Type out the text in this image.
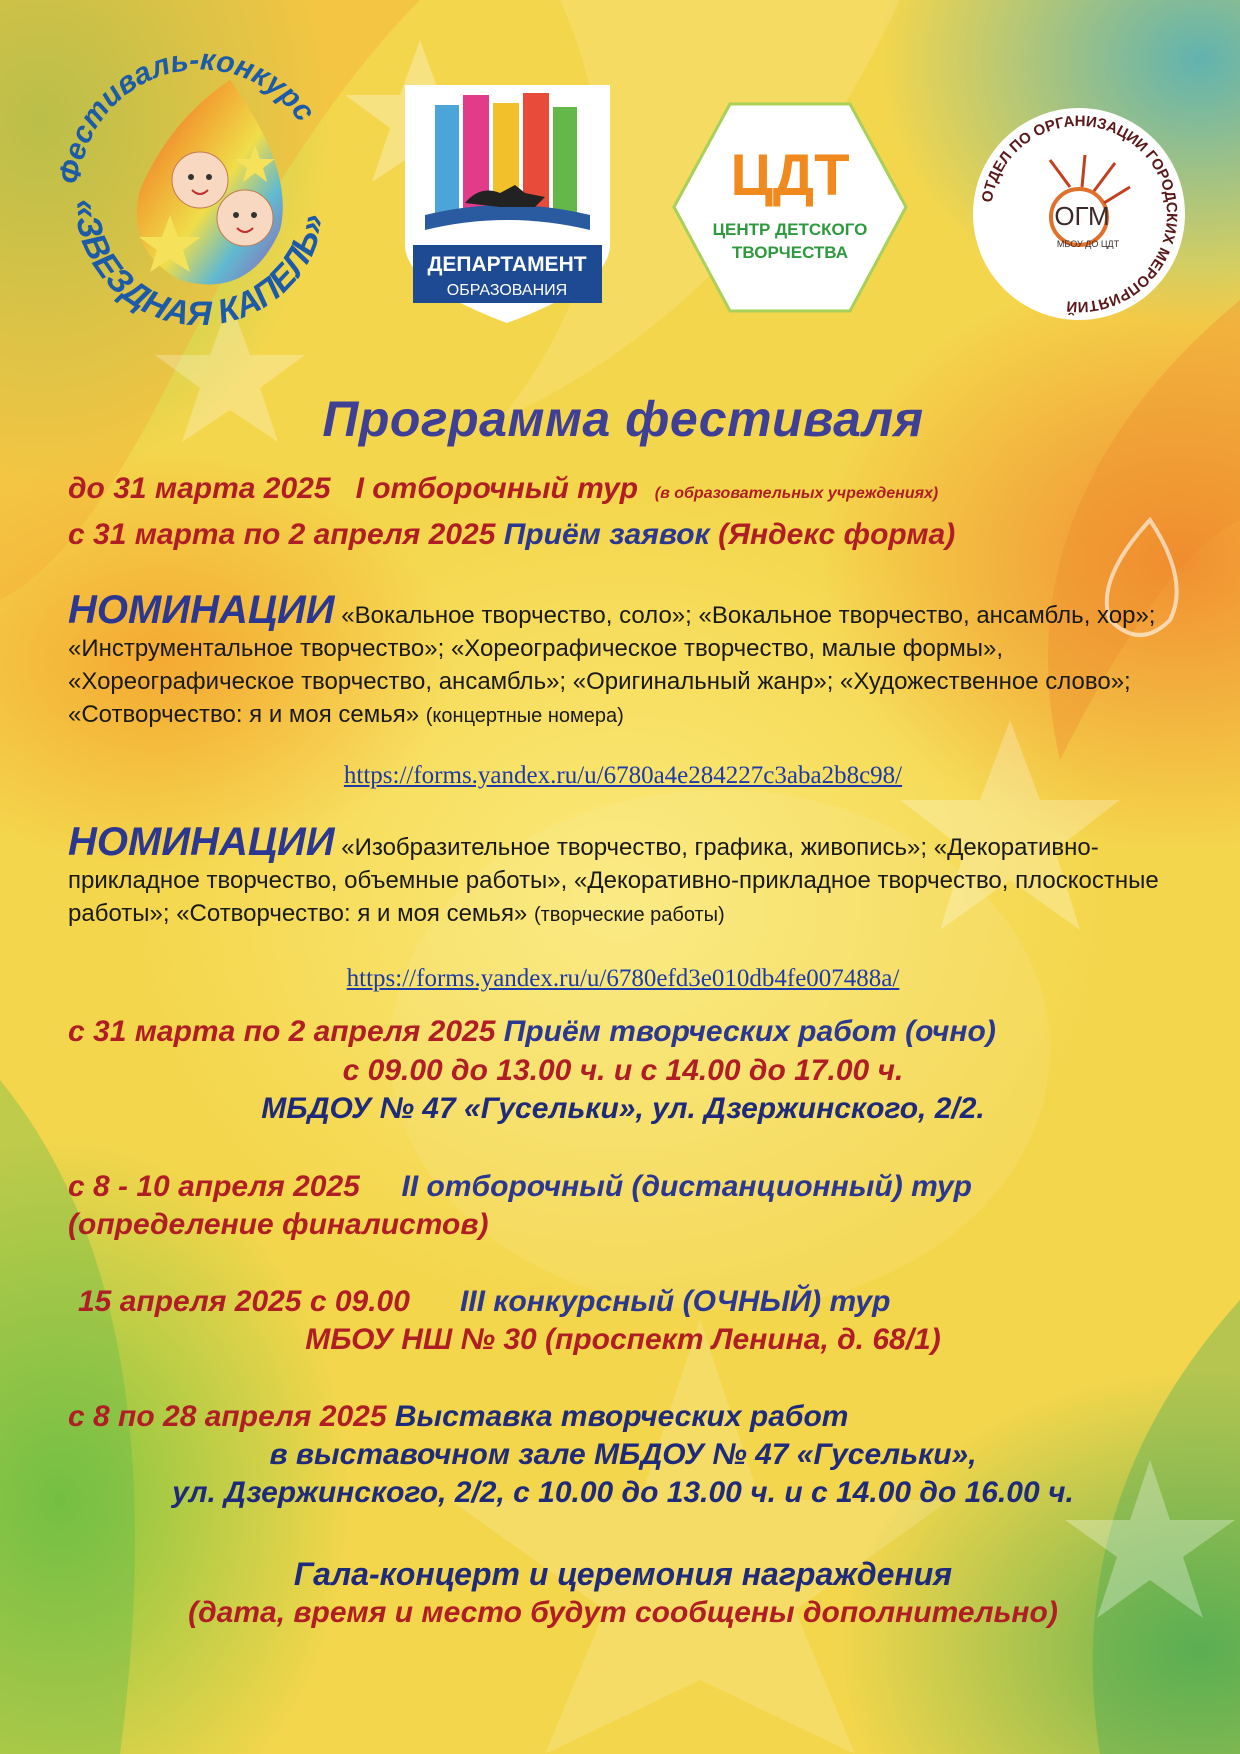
Фестиваль-конкурс
«ЗВЕЗДНАЯ КАПЕЛЬ»
ДЕПАРТАМЕНТ
ОБРАЗОВАНИЯ
ЦДТ
ЦЕНТР ДЕТСКОГО
ТВОРЧЕСТВА
ОТДЕЛ ПО ОРГАНИЗАЦИИ ГОРОДСКИХ МЕРОПРИЯТИЙ
ОГМ
МБОУ ДО ЦДТ
Программа фестиваля
до 31 марта 2025 I отборочный тур (в образовательных учреждениях)
с 31 марта по 2 апреля 2025 Приём заявок (Яндекс форма)
НОМИНАЦИИ «Вокальное творчество, соло»; «Вокальное творчество, ансамбль, хор»; «Инструментальное творчество»; «Хореографическое творчество, малые формы», «Хореографическое творчество, ансамбль»; «Оригинальный жанр»; «Художественное слово»; «Сотворчество: я и моя семья» (концертные номера)
https://forms.yandex.ru/u/6780a4e284227c3aba2b8c98/
НОМИНАЦИИ «Изобразительное творчество, графика, живопись»; «Декоративно-прикладное творчество, объемные работы», «Декоративно-прикладное творчество, плоскостные работы»; «Сотворчество: я и моя семья» (творческие работы)
https://forms.yandex.ru/u/6780efd3e010db4fe007488a/
с 31 марта по 2 апреля 2025 Приём творческих работ (очно)
с 09.00 до 13.00 ч. и с 14.00 до 17.00 ч.
МБДОУ № 47 «Гусельки», ул. Дзержинского, 2/2.
с 8 - 10 апреля 2025 II отборочный (дистанционный) тур
(определение финалистов)
15 апреля 2025 с 09.00 III конкурсный (ОЧНЫЙ) тур
МБОУ НШ № 30 (проспект Ленина, д. 68/1)
с 8 по 28 апреля 2025 Выставка творческих работ
в выставочном зале МБДОУ № 47 «Гусельки»,
ул. Дзержинского, 2/2, с 10.00 до 13.00 ч. и с 14.00 до 16.00 ч.
Гала-концерт и церемония награждения
(дата, время и место будут сообщены дополнительно)
